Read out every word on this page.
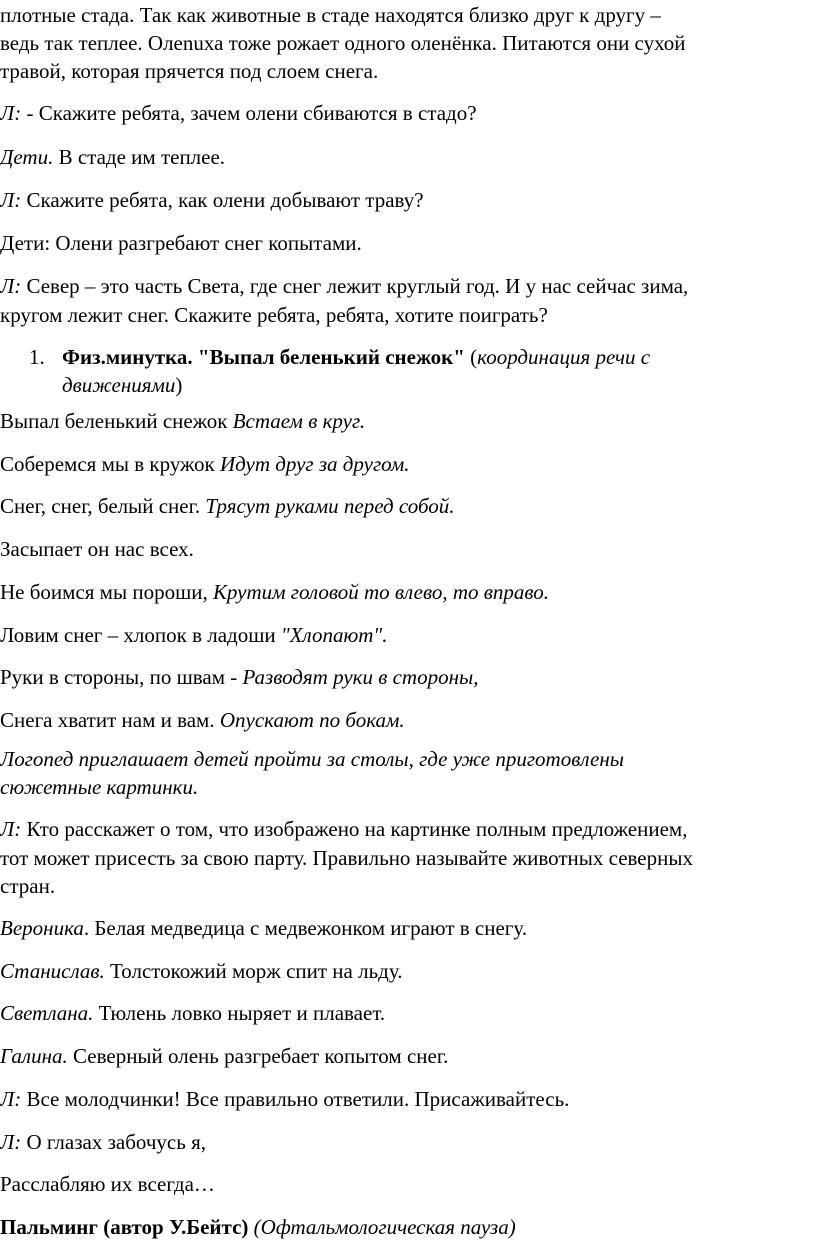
плотные стада. Так как животные в стаде находятся близко друг к другу –

ведь так теплее. Олenuха тоже рожает одного оленёнка. Питаются они сухой

травой, которая прячется под слоем снега.

Л: - Скажите ребята, зачем олени сбиваются в стадо?

Дети. В стаде им теплее.

Л: Скажите ребята, как олени добывают траву?

Дети: Олени разгребают снег копытами.

Л: Север – это часть Света, где снег лежит круглый год. И у нас сейчас зима,

кругом лежит снег. Скажите ребята, ребята, хотите поиграть?

1. Физ.минутка. "Выпал беленький снежок" (координация речи с

движениями)

Выпал беленький снежок Встаем в круг.

Соберемся мы в кружок Идут друг за другом.

Снег, снег, белый снег. Трясут руками перед собой.

Засыпает он нас всех.

Не боимся мы пороши, Крутим головой то влево, то вправо.

Ловим снег – хлопок в ладоши "Хлопают".

Руки в стороны, по швам - Разводят руки в стороны,

Снега хватит нам и вам. Опускают по бокам.

Логопед приглашает детей пройти за столы, где уже приготовлены

сюжетные картинки.

Л: Кто расскажет о том, что изображено на картинке полным предложением,

тот может присесть за свою парту. Правильно называйте животных северных

стран.

Вероника. Белая медведица с медвежонком играют в снегу.

Станислав. Толстокожий морж спит на льду.

Светлана. Тюлень ловко ныряет и плавает.

Галина. Северный олень разгребает копытом снег.

Л: Все молодчинки! Все правильно ответили. Присаживайтесь.

Л: О глазах забочусь я,

Расслабляю их всегда…

Пальминг (автор У.Бейтс) (Офтальмологическая пауза)
